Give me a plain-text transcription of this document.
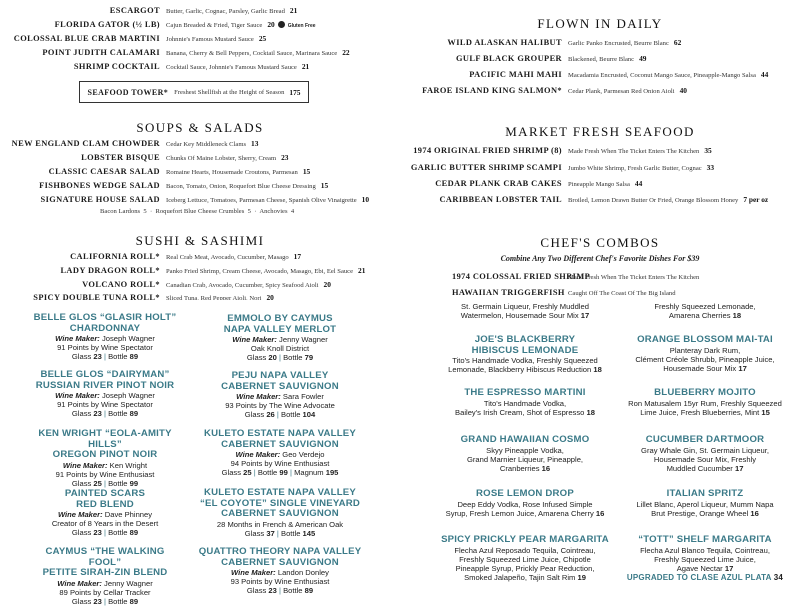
ESCARGOT Butter, Garlic, Cognac, Parsley, Garlic Bread 21
FLORIDA GATOR (½ LB) Cajun Breaded & Fried, Tiger Sauce 20	Gluten Free
COLOSSAL BLUE CRAB MARTINI Johnnie's Famous Mustard Sauce 25
POINT JUDITH CALAMARI Banana, Cherry & Bell Peppers, Cocktail Sauce, Marinara Sauce 22
SHRIMP COCKTAIL Cocktail Sauce, Johnnie's Famous Mustard Sauce 21
SEAFOOD TOWER* Freshest Shellfish at the Height of Season 175
SOUPS & SALADS
NEW ENGLAND CLAM CHOWDER Cedar Key Middleneck Clams 13
LOBSTER BISQUE Chunks Of Maine Lobster, Sherry, Cream 23
CLASSIC CAESAR SALAD Romaine Hearts, Housemade Croutons, Parmesan 15
FISHBONES WEDGE SALAD Bacon, Tomato, Onion, Roquefort Blue Cheese Dressing 15
SIGNATURE HOUSE SALAD Iceberg Lettuce, Tomatoes, Parmesan Cheese, Spanish Olive Vinaigrette 10
Bacon Lardons  5  ·  Roquefort Blue Cheese Crumbles  5  ·  Anchovies  4
SUSHI & SASHIMI
CALIFORNIA ROLL* Real Crab Meat, Avocado, Cucumber, Masago 17
LADY DRAGON ROLL* Panko Fried Shrimp, Cream Cheese, Avocado, Masago, Ebi, Eel Sauce 21
VOLCANO ROLL* Canadian Crab, Avocado, Cucumber, Spicy Seafood Aioli 20
SPICY DOUBLE TUNA ROLL* Sliced Tuna, Red Pepper Aioli, Nori 20
FLOWN IN DAILY
WILD ALASKAN HALIBUT Garlic Panko Encrusted, Beurre Blanc 62
GULF BLACK GROUPER Blackened, Beurre Blanc 49
PACIFIC MAHI MAHI Macadamia Encrusted, Coconut Mango Sauce, Pineapple-Mango Salsa 44
FAROE ISLAND KING SALMON* Cedar Plank, Parmesan Red Onion Aioli 40
MARKET FRESH SEAFOOD
1974 ORIGINAL FRIED SHRIMP (8) Made Fresh When The Ticket Enters The Kitchen 35
GARLIC BUTTER SHRIMP SCAMPI Jumbo White Shrimp, Fresh Garlic Butter, Cognac 33
CEDAR PLANK CRAB CAKES Pineapple Mango Salsa 44
CARIBBEAN LOBSTER TAIL Broiled, Lemon Drawn Butter Or Fried, Orange Blossom Honey 7 per oz
CHEF'S COMBOS
Combine Any Two Different Chef's Favorite Dishes For $39
1974 COLOSSAL FRIED SHRIMP
Made Fresh When The Ticket Enters The Kitchen
HAWAIIAN TRIGGERFISH Caught Off The Coast Of The Big Island
BELLE GLOS “GLASIR HOLT”
CHARDONNAY
Wine Maker: Joseph Wagner
91 Points by Wine Spectator
Glass 23 | Bottle 89
BELLE GLOS “DAIRYMAN”
RUSSIAN RIVER PINOT NOIR
Wine Maker: Joseph Wagner
91 Points by Wine Spectator
Glass 23 | Bottle 89
KEN WRIGHT “EOLA-AMITY HILLS”
OREGON PINOT NOIR
Wine Maker: Ken Wright
91 Points by Wine Enthusiast
Glass 25 | Bottle 99
PAINTED SCARS
RED BLEND
Wine Maker: Dave Phinney
Creator of 8 Years in the Desert
Glass 23 | Bottle 89
CAYMUS “THE WALKING FOOL”
PETITE SIRAH-ZIN BLEND
Wine Maker: Jenny Wagner
89 Points by Cellar Tracker
Glass 23 | Bottle 89
EMMOLO BY CAYMUS
NAPA VALLEY MERLOT
Wine Maker: Jenny Wagner
Oak Knoll District
Glass 20 | Bottle 79
PEJU NAPA VALLEY
CABERNET SAUVIGNON
Wine Maker: Sara Fowler
93 Points by The Wine Advocate
Glass 26 | Bottle 104
KULETO ESTATE NAPA VALLEY
CABERNET SAUVIGNON
Wine Maker: Geo Verdejo
94 Points by Wine Enthusiast
Glass 25 | Bottle 99 | Magnum 195
KULETO ESTATE NAPA VALLEY
“EL COYOTE” SINGLE VINEYARD
CABERNET SAUVIGNON
28 Months in French & American Oak
Glass 37 | Bottle 145
QUATTRO THEORY NAPA VALLEY
CABERNET SAUVIGNON
Wine Maker: Landon Donley
93 Points by Wine Enthusiast
Glass 23 | Bottle 89
St. Germain Liqueur, Freshly Muddled
Watermelon, Housemade Sour Mix 17
JOE'S BLACKBERRY
HIBISCUS LEMONADE
Tito's Handmade Vodka, Freshly Squeezed
Lemonade, Blackberry Hibiscus Reduction 18
THE ESPRESSO MARTINI
Tito's Handmade Vodka,
Bailey's Irish Cream, Shot of Espresso 18
GRAND HAWAIIAN COSMO
Skyy Pineapple Vodka,
Grand Marnier Liqueur, Pineapple,
Cranberries 16
ROSE LEMON DROP
Deep Eddy Vodka, Rose Infused Simple
Syrup, Fresh Lemon Juice, Amarena Cherry 16
SPICY PRICKLY PEAR MARGARITA
Flecha Azul Reposado Tequila, Cointreau,
Freshly Squeezed Lime Juice, Chipotle
Pineapple Syrup, Prickly Pear Reduction,
Smoked Jalapeño, Tajin Salt Rim 19
Freshly Squeezed Lemonade,
Amarena Cherries 18
ORANGE BLOSSOM MAI-TAI
Planteray Dark Rum,
Clément Créole Shrubb, Pineapple Juice,
Housemade Sour Mix 17
BLUEBERRY MOJITO
Ron Matusalem 15yr Rum, Freshly Squeezed
Lime Juice, Fresh Blueberries, Mint 15
CUCUMBER DARTMOOR
Gray Whale Gin, St. Germain Liqueur,
Housemade Sour Mix, Freshly
Muddled Cucumber 17
ITALIAN SPRITZ
Lillet Blanc, Aperol Liqueur, Mumm Napa
Brut Prestige, Orange Wheel 16
“TOTT” SHELF MARGARITA
Flecha Azul Blanco Tequila, Cointreau,
Freshly Squeezed Lime Juice,
Agave Nectar 17
UPGRADED TO CLASE AZUL PLATA 34
